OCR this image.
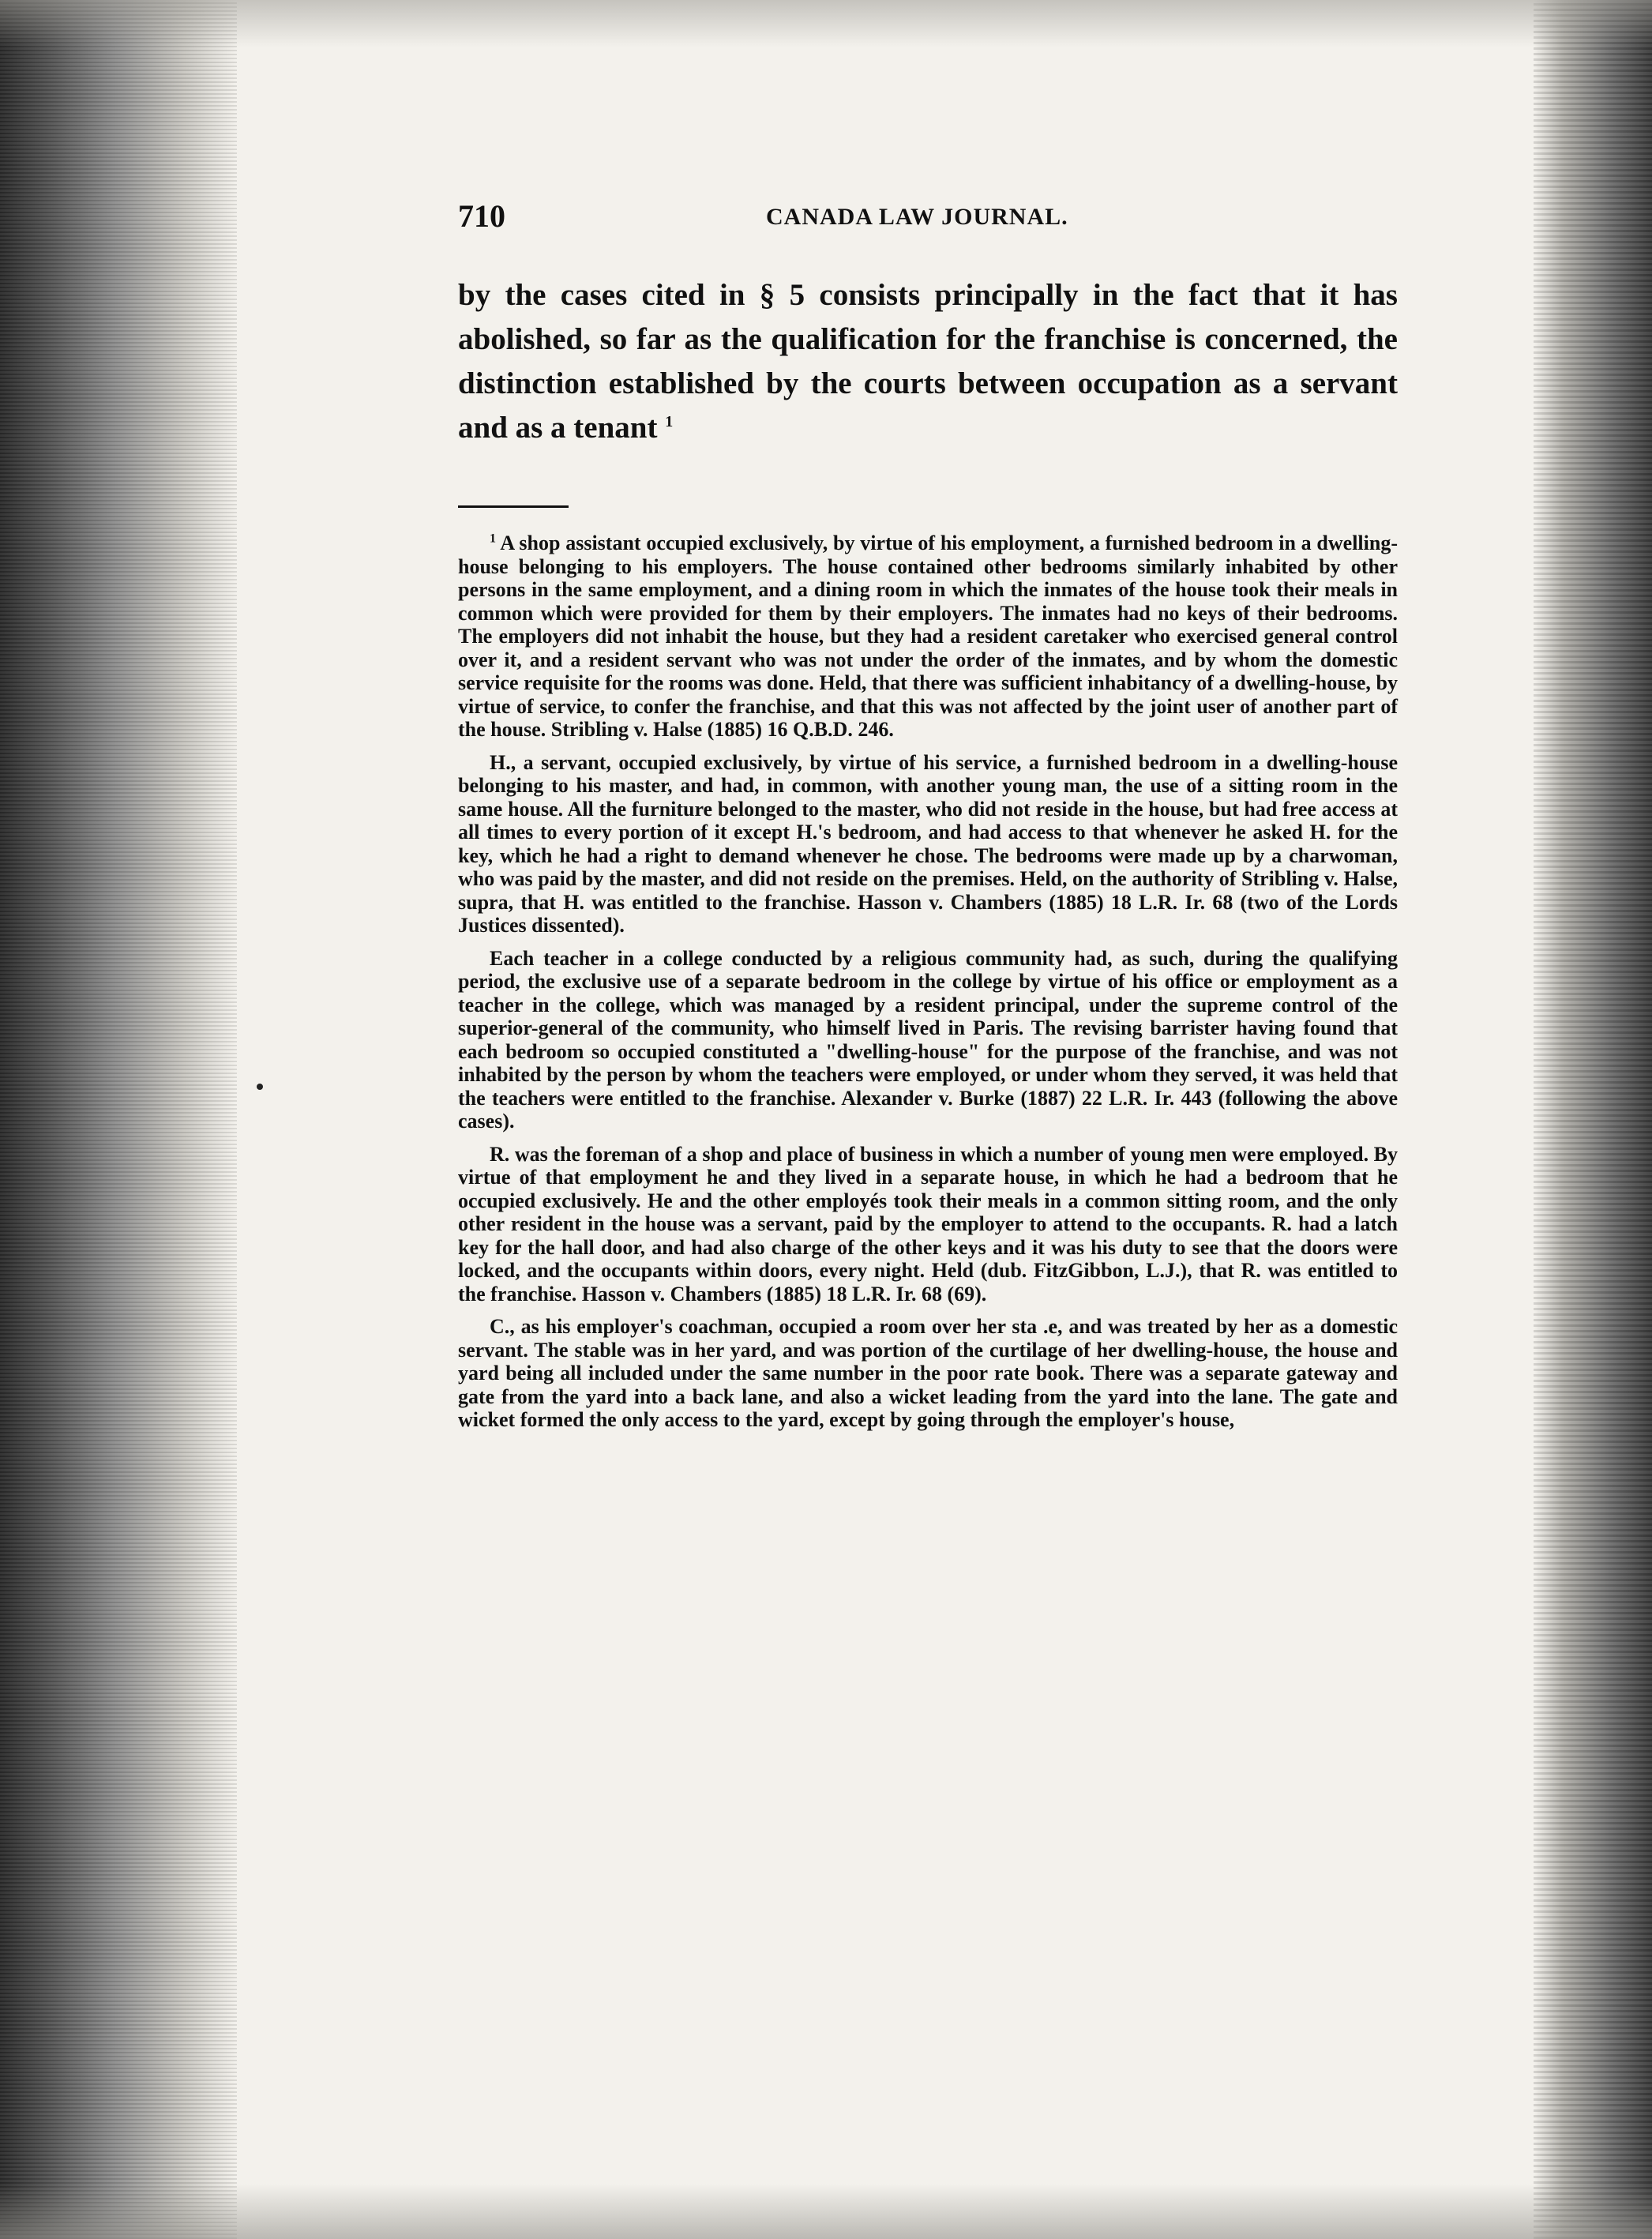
710	CANADA LAW JOURNAL.
by the cases cited in § 5 consists principally in the fact that it has abolished, so far as the qualification for the franchise is concerned, the distinction established by the courts between occupation as a servant and as a tenant $^1$

$^1$ A shop assistant occupied exclusively, by virtue of his employment, a furnished bedroom in a dwelling-house belonging to his employers. The house contained other bedrooms similarly inhabited by other persons in the same employment, and a dining room in which the inmates of the house took their meals in common which were provided for them by their employers. The inmates had no keys of their bedrooms. The employers did not inhabit the house, but they had a resident caretaker who exercised general control over it, and a resident servant who was not under the order of the inmates, and by whom the domestic service requisite for the rooms was done. Held, that there was sufficient inhabitancy of a dwelling-house, by virtue of service, to confer the franchise, and that this was not affected by the joint user of another part of the house. Stribling v. Halse (1885) 16 Q.B.D. 246.

H., a servant, occupied exclusively, by virtue of his service, a furnished bedroom in a dwelling-house belonging to his master, and had, in common, with another young man, the use of a sitting room in the same house. All the furniture belonged to the master, who did not reside in the house, but had free access at all times to every portion of it except H.'s bedroom, and had access to that whenever he asked H. for the key, which he had a right to demand whenever he chose. The bedrooms were made up by a charwoman, who was paid by the master, and did not reside on the premises. Held, on the authority of Stribling v. Halse, supra, that H. was entitled to the franchise. Hasson v. Chambers (1885) 18 L.R. Ir. 68 (two of the Lords Justices dissented).

Each teacher in a college conducted by a religious community had, as such, during the qualifying period, the exclusive use of a separate bedroom in the college by virtue of his office or employment as a teacher in the college, which was managed by a resident principal, under the supreme control of the superior-general of the community, who himself lived in Paris. The revising barrister having found that each bedroom so occupied constituted a "dwelling-house" for the purpose of the franchise, and was not inhabited by the person by whom the teachers were employed, or under whom they served, it was held that the teachers were entitled to the franchise. Alexander v. Burke (1887) 22 L.R. Ir. 443 (following the above cases).

R. was the foreman of a shop and place of business in which a number of young men were employed. By virtue of that employment he and they lived in a separate house, in which he had a bedroom that he occupied exclusively. He and the other employés took their meals in a common sitting room, and the only other resident in the house was a servant, paid by the employer to attend to the occupants. R. had a latch key for the hall door, and had also charge of the other keys and it was his duty to see that the doors were locked, and the occupants within doors, every night. Held (dub. FitzGibbon, L.J.), that R. was entitled to the franchise. Hasson v. Chambers (1885) 18 L.R. Ir. 68 (69).

C., as his employer's coachman, occupied a room over her sta .e, and was treated by her as a domestic servant. The stable was in her yard, and was portion of the curtilage of her dwelling-house, the house and yard being all included under the same number in the poor rate book. There was a separate gateway and gate from the yard into a back lane, and also a wicket leading from the yard into the lane. The gate and wicket formed the only access to the yard, except by going through the employer's house,
